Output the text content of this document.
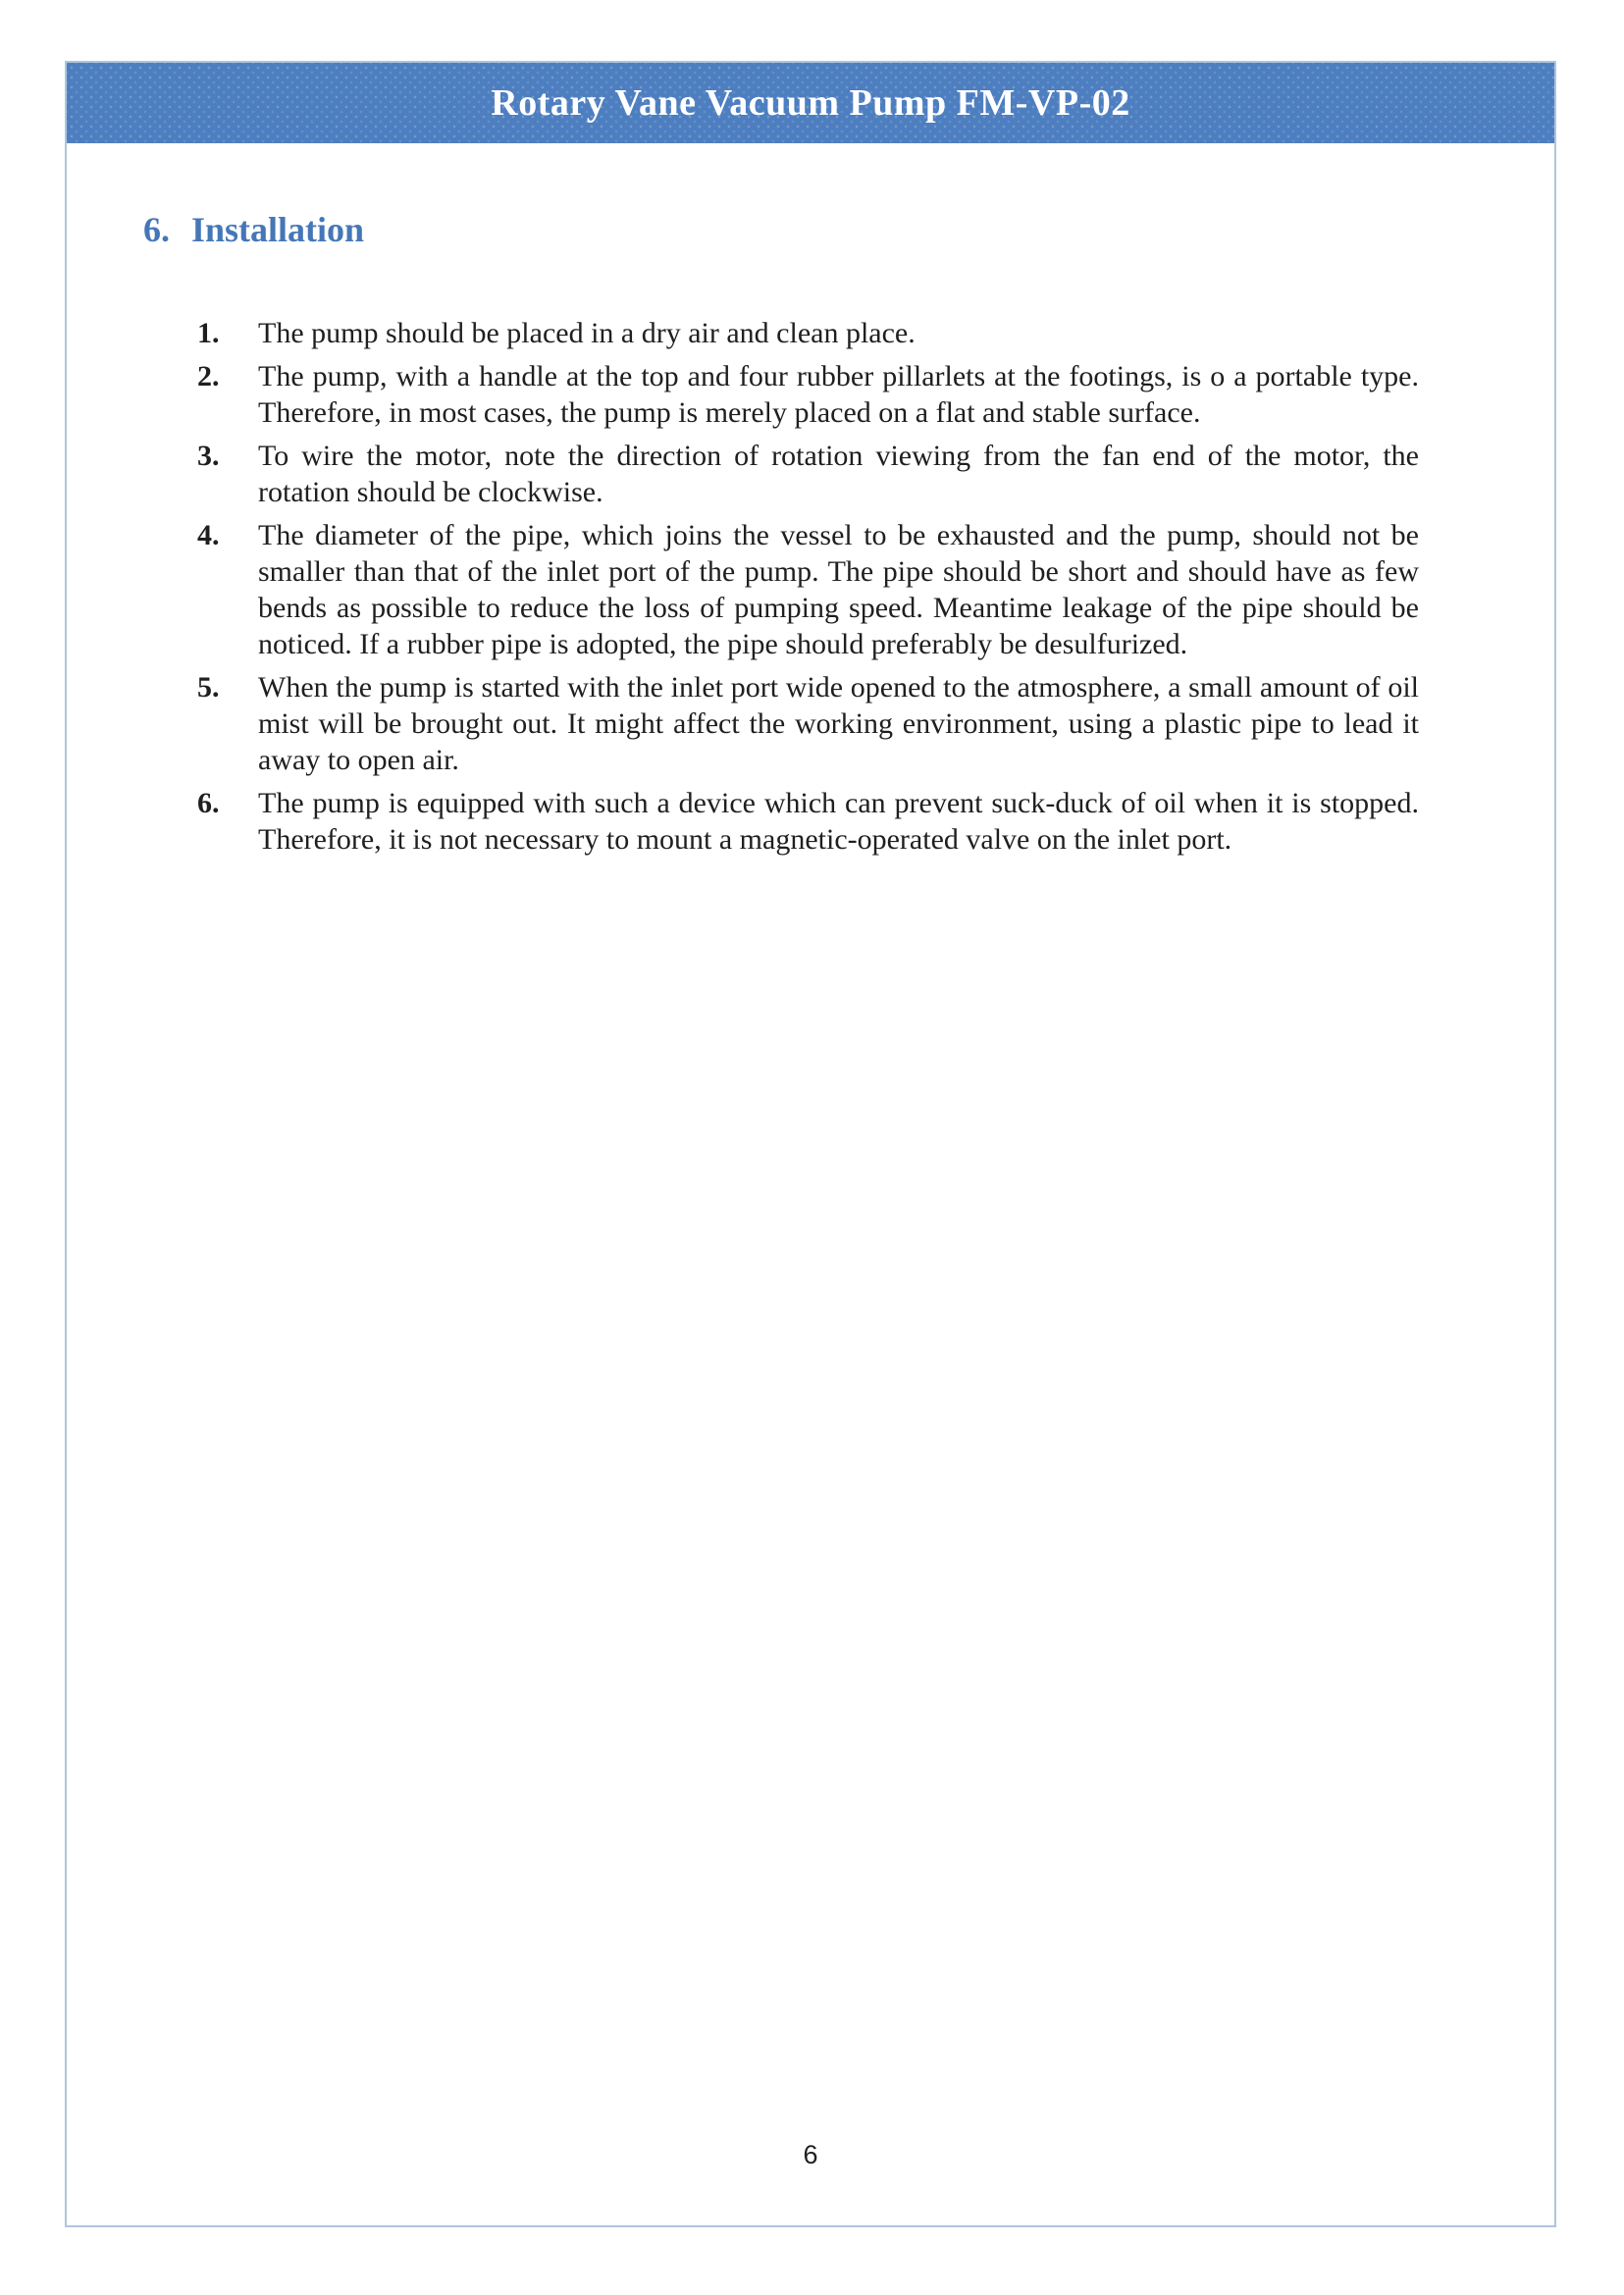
Rotary Vane Vacuum Pump FM-VP-02
6. Installation
1. The pump should be placed in a dry air and clean place.
2. The pump, with a handle at the top and four rubber pillarlets at the footings, is o a portable type. Therefore, in most cases, the pump is merely placed on a flat and stable surface.
3. To wire the motor, note the direction of rotation viewing from the fan end of the motor, the rotation should be clockwise.
4. The diameter of the pipe, which joins the vessel to be exhausted and the pump, should not be smaller than that of the inlet port of the pump. The pipe should be short and should have as few bends as possible to reduce the loss of pumping speed. Meantime leakage of the pipe should be noticed. If a rubber pipe is adopted, the pipe should preferably be desulfurized.
5. When the pump is started with the inlet port wide opened to the atmosphere, a small amount of oil mist will be brought out. It might affect the working environment, using a plastic pipe to lead it away to open air.
6. The pump is equipped with such a device which can prevent suck-duck of oil when it is stopped. Therefore, it is not necessary to mount a magnetic-operated valve on the inlet port.
6
